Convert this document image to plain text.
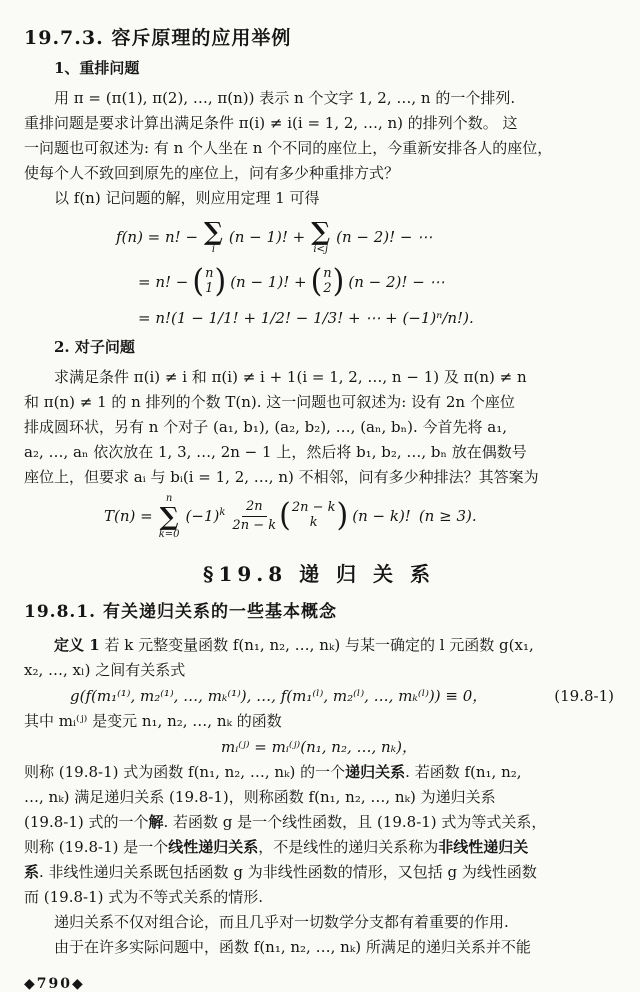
19.7.3. 容斥原理的应用举例
1、重排问题
用 π = (π(1), π(2), …, π(n)) 表示 n 个文字 1, 2, …, n 的一个排列.
重排问题是要求计算出满足条件 π(i) ≠ i(i = 1, 2, …, n) 的排列个数。 这
一问题也可叙述为: 有 n 个人坐在 n 个不同的座位上，今重新安排各人的座位，
使每个人不致回到原先的座位上，问有多少种重排方式？
以 f(n) 记问题的解，则应用定理 1 可得
f(n) = n! − ∑
i
(n − 1)! + ∑
i<j
(n − 2)! − ⋯
= n! − ( n
1 ) (n − 1)! + ( n
2 ) (n − 2)! − ⋯
= n!(1 − 1/1! + 1/2! − 1/3! + ⋯ + (−1)ⁿ/n!).
2. 对子问题
求满足条件 π(i) ≠ i 和 π(i) ≠ i + 1(i = 1, 2, …, n − 1) 及 π(n) ≠ n
和 π(n) ≠ 1 的 n 排列的个数 T(n). 这一问题也可叙述为: 设有 2n 个座位
排成圆环状，另有 n 个对子 (a₁, b₁), (a₂, b₂), …, (aₙ, bₙ). 今首先将 a₁,
a₂, …, aₙ 依次放在 1, 3, …, 2n − 1 上，然后将 b₁, b₂, …, bₙ 放在偶数号
座位上，但要求 aᵢ 与 bᵢ(i = 1, 2, …, n) 不相邻，问有多少种排法？其答案为
T(n) =
n
∑
k=0
$(-1)^k \frac{2n}{2n - k}$ ( 2n − k
k ) (n − k)! (n ≥ 3).
§19.8 递 归 关 系
19.8.1. 有关递归关系的一些基本概念
定义 1 若 k 元整变量函数 f(n₁, n₂, …, nₖ) 与某一确定的 l 元函数 g(x₁,
x₂, …, xₗ) 之间有关系式
g(f(m₁⁽¹⁾, m₂⁽¹⁾, …, mₖ⁽¹⁾), …, f(m₁⁽ˡ⁾, m₂⁽ˡ⁾, …, mₖ⁽ˡ⁾)) ≡ 0，	(19.8-1)
其中 mᵢ⁽ʲ⁾ 是变元 n₁, n₂, …, nₖ 的函数
mᵢ⁽ʲ⁾ = mᵢ⁽ʲ⁾(n₁, n₂, …, nₖ)，
则称 (19.8-1) 式为函数 f(n₁, n₂, …, nₖ) 的一个递归关系. 若函数 f(n₁, n₂,
…, nₖ) 满足递归关系 (19.8-1)，则称函数 f(n₁, n₂, …, nₖ) 为递归关系
(19.8-1) 式的一个解. 若函数 g 是一个线性函数，且 (19.8-1) 式为等式关系，
则称 (19.8-1) 是一个线性递归关系，不是线性的递归关系称为非线性递归关
系. 非线性递归关系既包括函数 g 为非线性函数的情形，又包括 g 为线性函数
而 (19.8-1) 式为不等式关系的情形.
递归关系不仅对组合论，而且几乎对一切数学分支都有着重要的作用.
由于在许多实际问题中，函数 f(n₁, n₂, …, nₖ) 所满足的递归关系并不能
◆790◆
